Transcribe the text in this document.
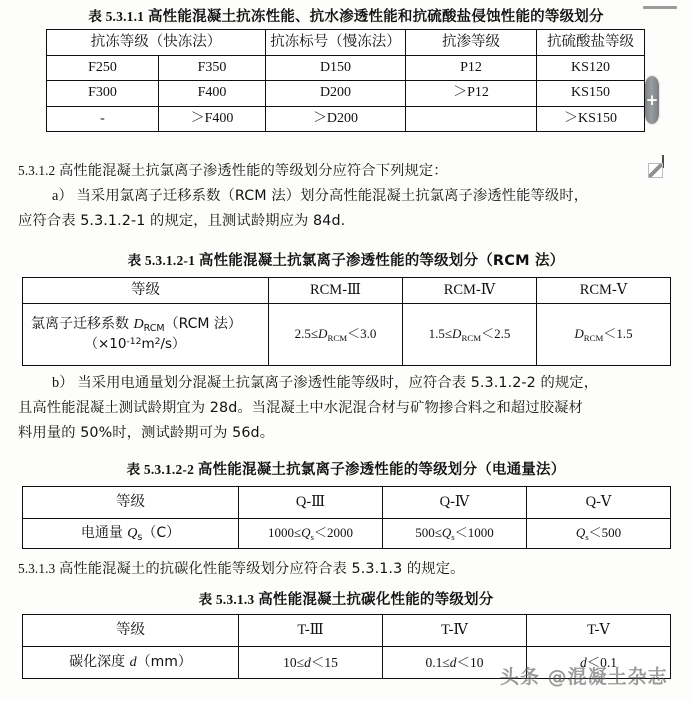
表 5.3.1.1 高性能混凝土抗冻性能、抗水渗透性能和抗硫酸盐侵蚀性能的等级划分
抗冻等级（快冻法）		抗冻标号（慢冻法）	抗渗等级	抗硫酸盐等级
F250	F350	D150	P12	KS120
F300	F400	D200	＞P12	KS150
-	＞F400	＞D200		＞KS150
+
5.3.1.2 高性能混凝土抗氯离子渗透性能的等级划分应符合下列规定：
a） 当采用氯离子迁移系数（RCM 法）划分高性能混凝土抗氯离子渗透性能等级时，
应符合表 5.3.1.2-1 的规定，且测试龄期应为 84d.
表 5.3.1.2-1 高性能混凝土抗氯离子渗透性能的等级划分（RCM 法）
等级	RCM-Ⅲ	RCM-Ⅳ	RCM-Ⅴ

氯离子迁移系数 $D_{RCM}(RCM$ 法）
$(\times 10^{-12}m^2/s)$	$2.5\le D_{RCM}<3.0$	$1.5\le D_{RCM}<2.5$	$D_{RCM}<1.5$
b） 当采用电通量划分混凝土抗氯离子渗透性能等级时，应符合表 5.3.1.2-2 的规定，
且高性能混凝土测试龄期宜为 28d。当混凝土中水泥混合材与矿物掺合料之和超过胶凝材
料用量的 50%时，测试龄期可为 56d。
表 5.3.1.2-2 高性能混凝土抗氯离子渗透性能的等级划分（电通量法）
等级	Q-Ⅲ	Q-Ⅳ	Q-Ⅴ
电通量 $Q_s(C)$	$1000\le Q_s<2000$	$500\le Q_s<1000$	$Q_s<500$
5.3.1.3 高性能混凝土的抗碳化性能等级划分应符合表 5.3.1.3 的规定。
表 5.3.1.3 高性能混凝土抗碳化性能的等级划分
等级	T-Ⅲ	T-Ⅳ	T-Ⅴ
碳化深度 d（mm）	10≤d＜15	0.1≤d＜10	d＜0.1
头条 @混凝土杂志
